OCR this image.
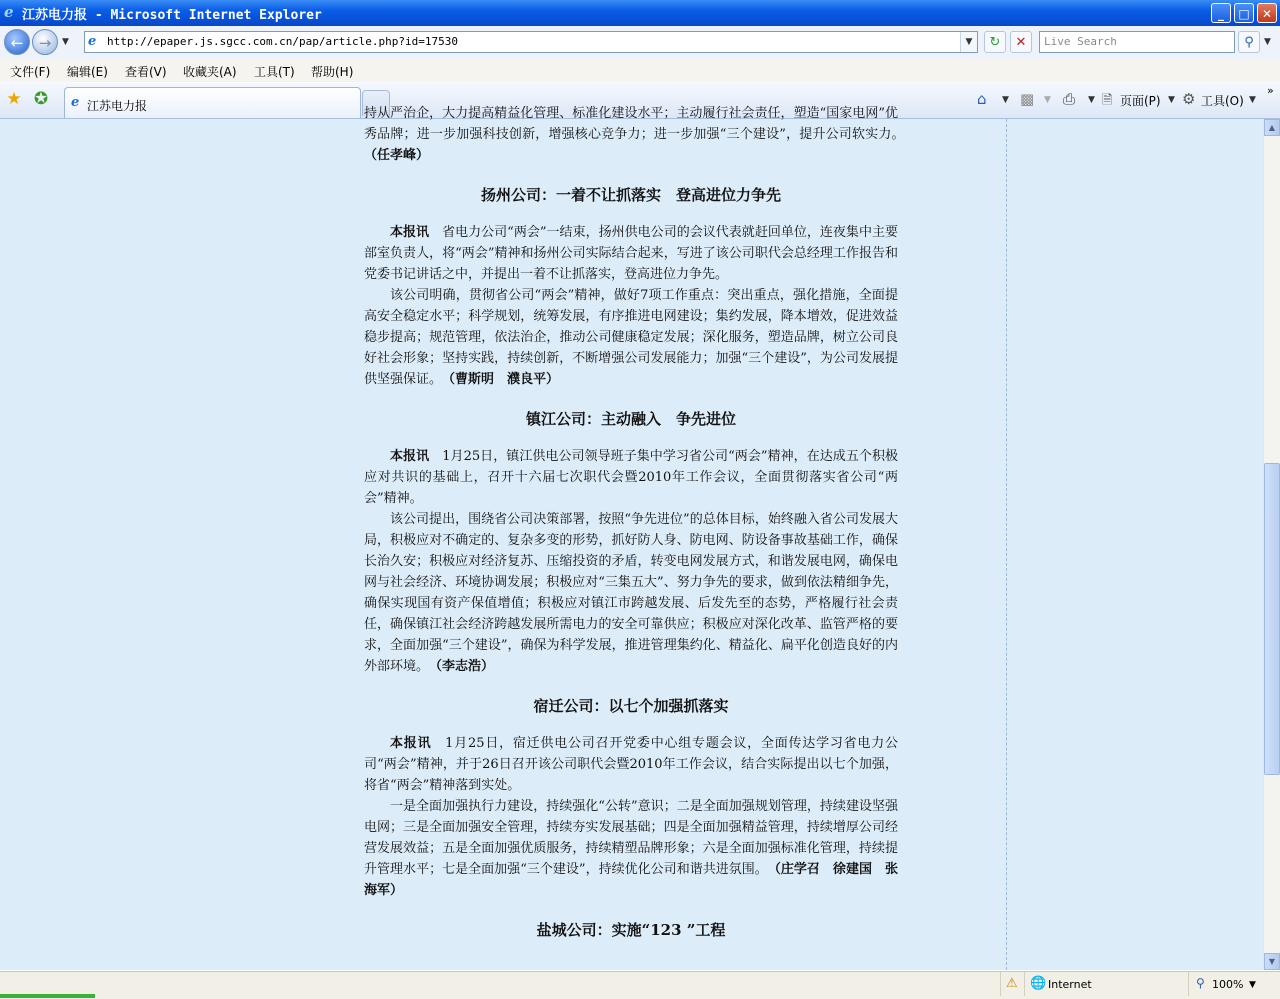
e 江苏电力报 - Microsoft Internet Explorer	_	□	✕
←	→	▼ e http://epaper.js.sgcc.com.cn/pap/article.php?id=17530	▼	↻	✕	Live Search	⚲	▼
文件(F) 编辑(E) 查看(V) 收藏夹(A) 工具(T) 帮助(H)
★ ✪ e 江苏电力报	⌂ ▼ ▩ ▼ ⎙ ▼ 🗎 页面(P) ▼ ⚙ 工具(O) ▼
»

持从严治企，大力提高精益化管理、标准化建设水平；主动履行社会责任，塑造“国家电网”优秀品牌；进一步加强科技创新，增强核心竞争力；进一步加强“三个建设”，提升公司软实力。　（任孝峰）

扬州公司：一着不让抓落实　登高进位力争先

本报讯　 省电力公司“两会”一结束，扬州供电公司的会议代表就赶回单位，连夜集中主要部室负责人，将“两会”精神和扬州公司实际结合起来，写进了该公司职代会总经理工作报告和党委书记讲话之中，并提出一着不让抓落实，登高进位力争先。

该公司明确，贯彻省公司“两会”精神，做好7项工作重点：突出重点，强化措施，全面提高安全稳定水平；科学规划，统筹发展，有序推进电网建设；集约发展，降本增效，促进效益稳步提高；规范管理，依法治企，推动公司健康稳定发展；深化服务，塑造品牌，树立公司良好社会形象；坚持实践，持续创新，不断增强公司发展能力；加强“三个建设”，为公司发展提供坚强保证。　 （曹斯明　濮良平）

镇江公司：主动融入　争先进位

本报讯　 1月25日，镇江供电公司领导班子集中学习省公司“两会”精神，在达成五个积极应对共识的基础上，召开十六届七次职代会暨2010年工作会议，全面贯彻落实省公司“两会”精神。

该公司提出，围绕省公司决策部署，按照“争先进位”的总体目标，始终融入省公司发展大局，积极应对不确定的、复杂多变的形势，抓好防人身、防电网、防设备事故基础工作，确保长治久安；积极应对经济复苏、压缩投资的矛盾，转变电网发展方式，和谐发展电网，确保电网与社会经济、环境协调发展；积极应对“三集五大”、努力争先的要求，做到依法精细争先，确保实现国有资产保值增值；积极应对镇江市跨越发展、后发先至的态势，严格履行社会责任，确保镇江社会经济跨越发展所需电力的安全可靠供应；积极应对深化改革、监管严格的要求，全面加强“三个建设”，确保为科学发展，推进管理集约化、精益化、扁平化创造良好的内外部环境。　 （李志浩）

宿迁公司：以七个加强抓落实

本报讯　 1月25日，宿迁供电公司召开党委中心组专题会议，全面传达学习省电力公司“两会”精神，并于26日召开该公司职代会暨2010年工作会议，结合实际提出以七个加强，将省“两会”精神落到实处。

一是全面加强执行力建设，持续强化“公转”意识；二是全面加强规划管理，持续建设坚强电网；三是全面加强安全管理，持续夯实发展基础；四是全面加强精益管理，持续增厚公司经营发展效益；五是全面加强优质服务，持续精塑品牌形象；六是全面加强标准化管理，持续提升管理水平；七是全面加强“三个建设”，持续优化公司和谐共进氛围。　 （庄学召　徐建国　张海军）

盐城公司：实施“123 ”工程
▲
▼
⚠ 🌐 Internet	⚲ 100% ▼
